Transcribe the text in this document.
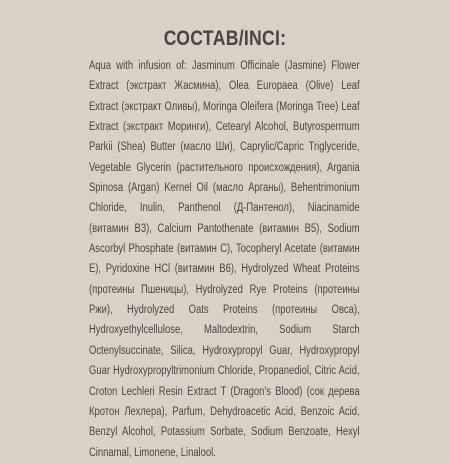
СОСТАВ/INCI:
Aqua with infusion of: Jasminum Officinale (Jasmine) Flower Extract (экстракт Жасмина), Olea Europaea (Olive) Leaf Extract (экстракт Оливы), Moringa Oleifera (Moringa Tree) Leaf Extract (экстракт Моринги), Cetearyl Alcohol, Butyrospermum Parkii (Shea) Butter (масло Ши), Caprylic/Capric Triglyceride, Vegetable Glycerin (растительного происхождения), Argania Spinosa (Argan) Kernel Oil (масло Арганы), Behentrimonium Chloride, Inulin, Panthenol (Д-Пантенол), Niacinamide (витамин B3), Calcium Pantothenate (витамин B5), Sodium Ascorbyl Phosphate (витамин C), Tocopheryl Acetate (витамин E), Pyridoxine HCl (витамин B6), Hydrolyzed Wheat Proteins (протеины Пшеницы), Hydrolyzed Rye Proteins (протеины Ржи), Hydrolyzed Oats Proteins (протеины Овса), Hydroxyethylcellulose, Maltodextrin, Sodium Starch Octenylsuccinate, Silica, Hydroxypropyl Guar, Hydroxypropyl Guar Hydroxypropyltrimonium Chloride, Propanediol, Citric Acid, Croton Lechleri Resin Extract T (Dragon's Blood) (сок дерева Кротон Лехлера), Parfum, Dehydroacetic Acid, Benzoic Acid, Benzyl Alcohol, Potassium Sorbate, Sodium Benzoate, Hexyl Cinnamal, Limonene, Linalool.
